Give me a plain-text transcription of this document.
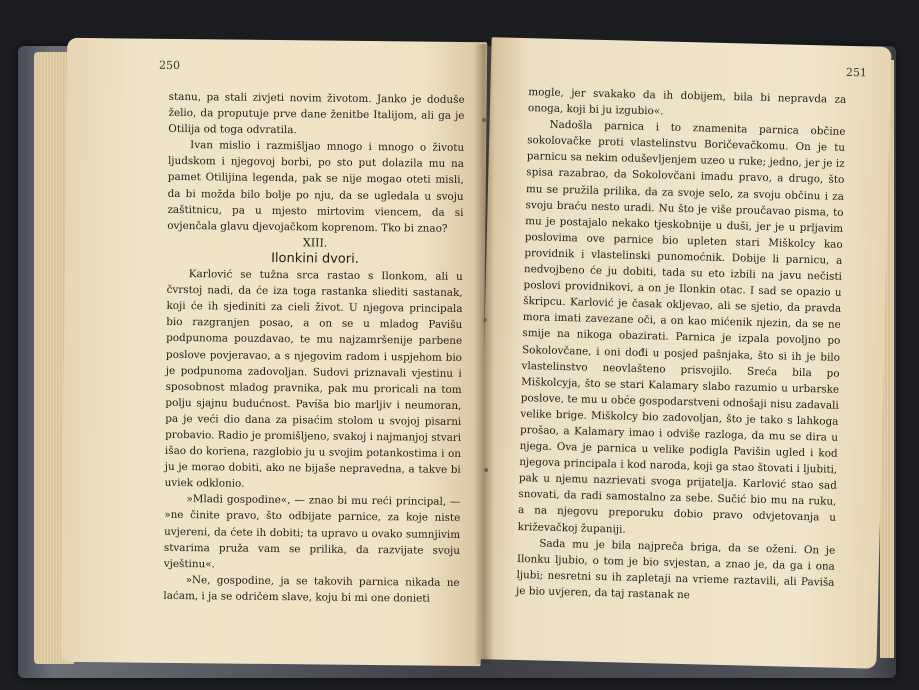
250

stanu, pa stali zivjeti novim životom. Janko je doduše želio, da proputuje prve dane ženitbe Italijom, ali ga je Otilija od toga odvratila.

Ivan mislio i razmišljao mnogo i mnogo o životu ljudskom i njegovoj borbi, po sto put dolazila mu na pamet Otilijina legenda, pak se nije mogao oteti misli, da bi možda bilo bolje po nju, da se ugledala u svoju zaštitnicu, pa u mjesto mirtovim viencem, da si ovjenčala glavu djevojačkom koprenom. Tko bi znao?

XIII.

Ilonkini dvori.

Karlović se tužna srca rastao s Ilonkom, ali u čvrstoj nadi, da će iza toga rastanka sliediti sastanak, koji će ih sjediniti za cieli život. U njegova principala bio razgranjen posao, a on se u mladog Pavišu podpunoma pouzdavao, te mu najzamršenije parbene poslove povjeravao, a s njegovim radom i uspjehom bio je podpunoma zadovoljan. Sudovi priznavali vjestinu i sposobnost mladog pravnika, pak mu proricali na tom polju sjajnu budućnost. Pavíša bio marljiv i neumoran, pa je veći dio dana za pisaćim stolom u svojoj pisarni probavio. Radio je promišljeno, svakoj i najmanjoj stvari išao do koriena, razglobio ju u svojim potankostima i on ju je morao dobiti, ako ne bijaše nepravedna, a takve bi uviek odklonio.

»Mladi gospodine«, — znao bi mu reći principal, — »ne činite pravo, što odbijate parnice, za koje niste uvjereni, da ćete ih dobiti; ta upravo u ovako sumnjivim stvarima pruža vam se prilika, da razvijate svoju vještinu«.

»Ne, gospodine, ja se takovih parnica nikada ne laćam, i ja se odričem slave, koju bi mi one donieti

251

mogle, jer svakako da ih dobijem, bila bi nepravda za onoga, koji bi ju izgubio«.

Nadošla parnica i to znamenita parnica občine sokolovačke proti vlastelinstvu Boričevačkomu. On je tu parnicu sa nekim oduševljenjem uzeo u ruke; jedno, jer je iz spisa razabrao, da Sokolovčani imadu pravo, a drugo, što mu se pružila prilika, da za svoje selo, za svoju občinu i za svoju braću nesto uradi. Nu što je više proučavao pisma, to mu je postajalo nekako tjeskobnije u duši, jer je u prljavim poslovima ove parnice bio upleten stari Miškolcy kao providnik i vlastelinski punomoćnik. Dobije li parnicu, a nedvojbeno će ju dobiti, tada su eto izbili na javu nečisti poslovi providnikovi, a on je Ilonkin otac. I sad se opazio u škripcu. Karlović je časak okljevao, ali se sjetio, da pravda mora imati zavezane oči, a on kao mićenik njezin, da se ne smije na nikoga obazirati. Parnica je izpala povoljno po Sokolovčane, i oni dođi u posjed pašnjaka, što si ih je bilo vlastelinstvo neovlašteno prisvojilo. Sreća bila po Miškolcyja, što se stari Kalamary slabo razumio u urbarske poslove, te mu u obće gospodarstveni odnošaji nisu zadavali velike brige. Miškolcy bio zadovoljan, što je tako s lahkoga prošao, a Kalamary imao i odviše razloga, da mu se dira u njega. Ova je parnica u velike podigla Pavišin ugled i kod njegova principala i kod naroda, koji ga stao štovati i ljubiti, pak u njemu nazrievati svoga prijatelja. Karlović stao sad snovati, da radi samostalno za sebe. Sučić bio mu na ruku, a na njegovu preporuku dobio pravo odvjetovanja u križevačkoj županiji.

Sada mu je bila najpreča briga, da se oženi. On je Ilonku ljubio, o tom je bio svjestan, a znao je, da ga i ona ljubi; nesretni su ih zapletaji na vrieme raztavili, ali Paviša je bio uvjeren, da taj rastanak ne
